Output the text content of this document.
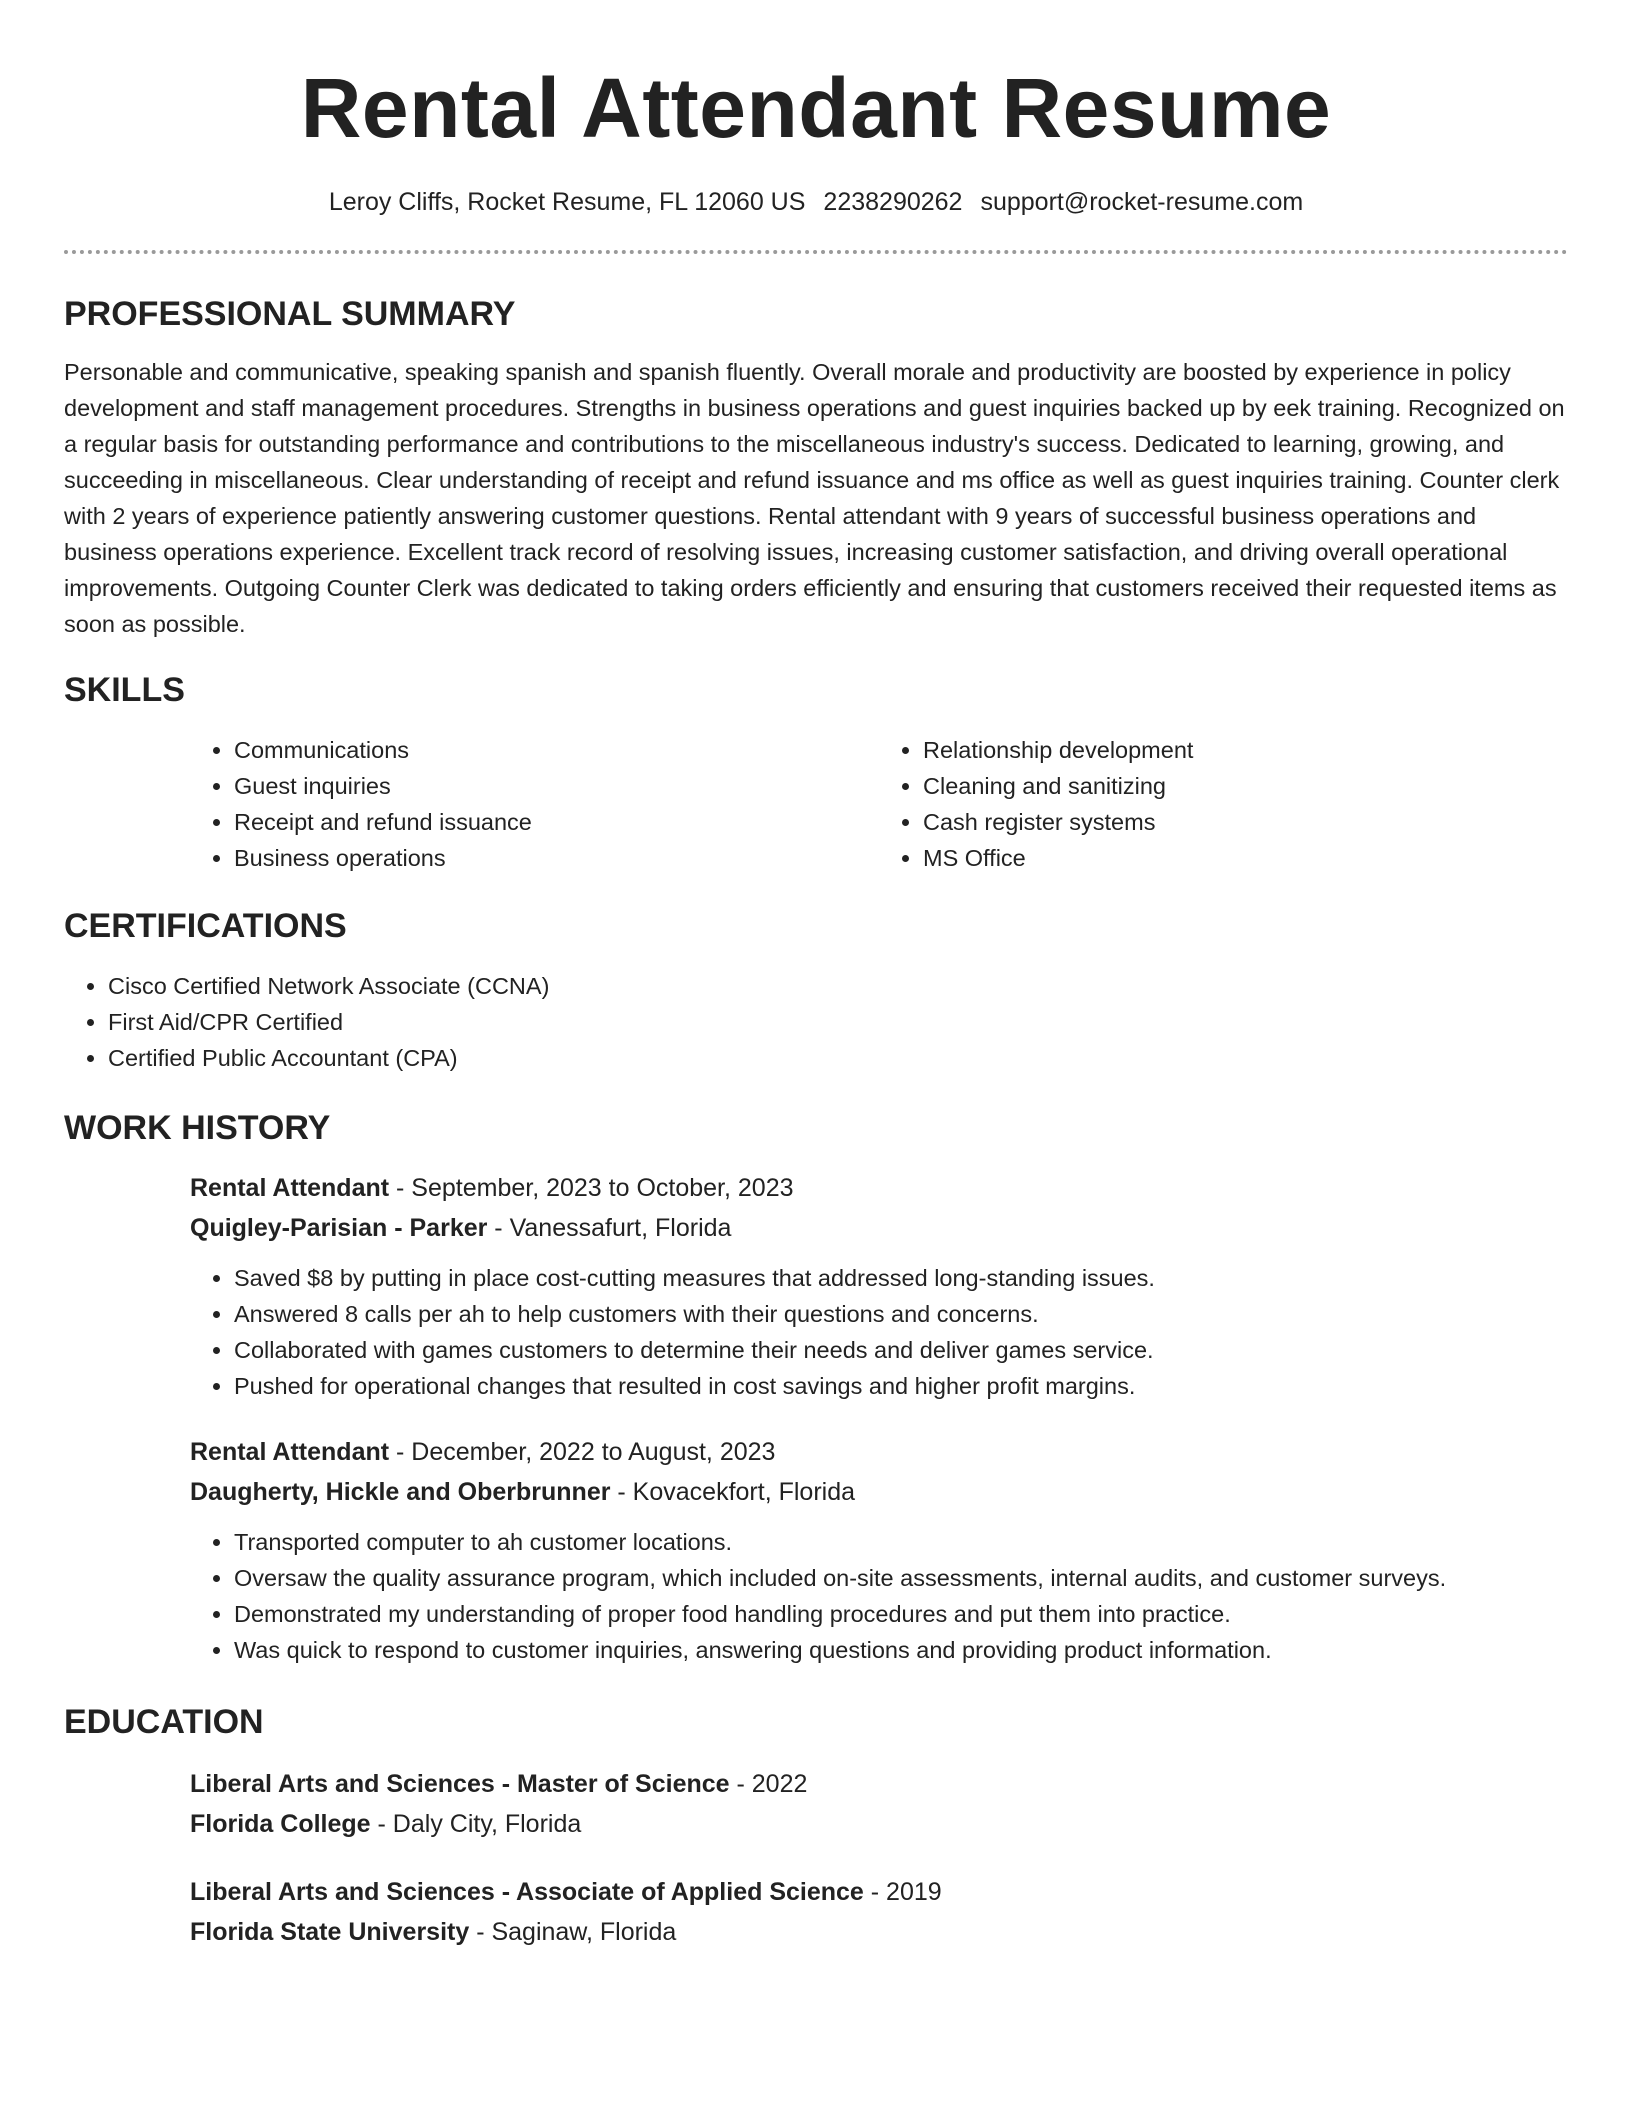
Rental Attendant Resume
Leroy Cliffs, Rocket Resume, FL 12060 US 2238290262 support@rocket-resume.com
PROFESSIONAL SUMMARY

Personable and communicative, speaking spanish and spanish fluently. Overall morale and productivity are boosted by experience in policy development and staff management procedures. Strengths in business operations and guest inquiries backed up by eek training. Recognized on a regular basis for outstanding performance and contributions to the miscellaneous industry's success. Dedicated to learning, growing, and succeeding in miscellaneous. Clear understanding of receipt and refund issuance and ms office as well as guest inquiries training. Counter clerk with 2 years of experience patiently answering customer questions. Rental attendant with 9 years of successful business operations and business operations experience. Excellent track record of resolving issues, increasing customer satisfaction, and driving overall operational improvements. Outgoing Counter Clerk was dedicated to taking orders efficiently and ensuring that customers received their requested items as soon as possible.

SKILLS
• Communications
• Guest inquiries
• Receipt and refund issuance
• Business operations
• Relationship development
• Cleaning and sanitizing
• Cash register systems
• MS Office
CERTIFICATIONS
• Cisco Certified Network Associate (CCNA)
• First Aid/CPR Certified
• Certified Public Accountant (CPA)
WORK HISTORY
Rental Attendant - September, 2023 to October, 2023
Quigley-Parisian - Parker - Vanessafurt, Florida
• Saved $8 by putting in place cost-cutting measures that addressed long-standing issues.
• Answered 8 calls per ah to help customers with their questions and concerns.
• Collaborated with games customers to determine their needs and deliver games service.
• Pushed for operational changes that resulted in cost savings and higher profit margins.
Rental Attendant - December, 2022 to August, 2023
Daugherty, Hickle and Oberbrunner - Kovacekfort, Florida
• Transported computer to ah customer locations.
• Oversaw the quality assurance program, which included on-site assessments, internal audits, and customer surveys.
• Demonstrated my understanding of proper food handling procedures and put them into practice.
• Was quick to respond to customer inquiries, answering questions and providing product information.
EDUCATION
Liberal Arts and Sciences - Master of Science - 2022
Florida College - Daly City, Florida
Liberal Arts and Sciences - Associate of Applied Science - 2019
Florida State University - Saginaw, Florida
